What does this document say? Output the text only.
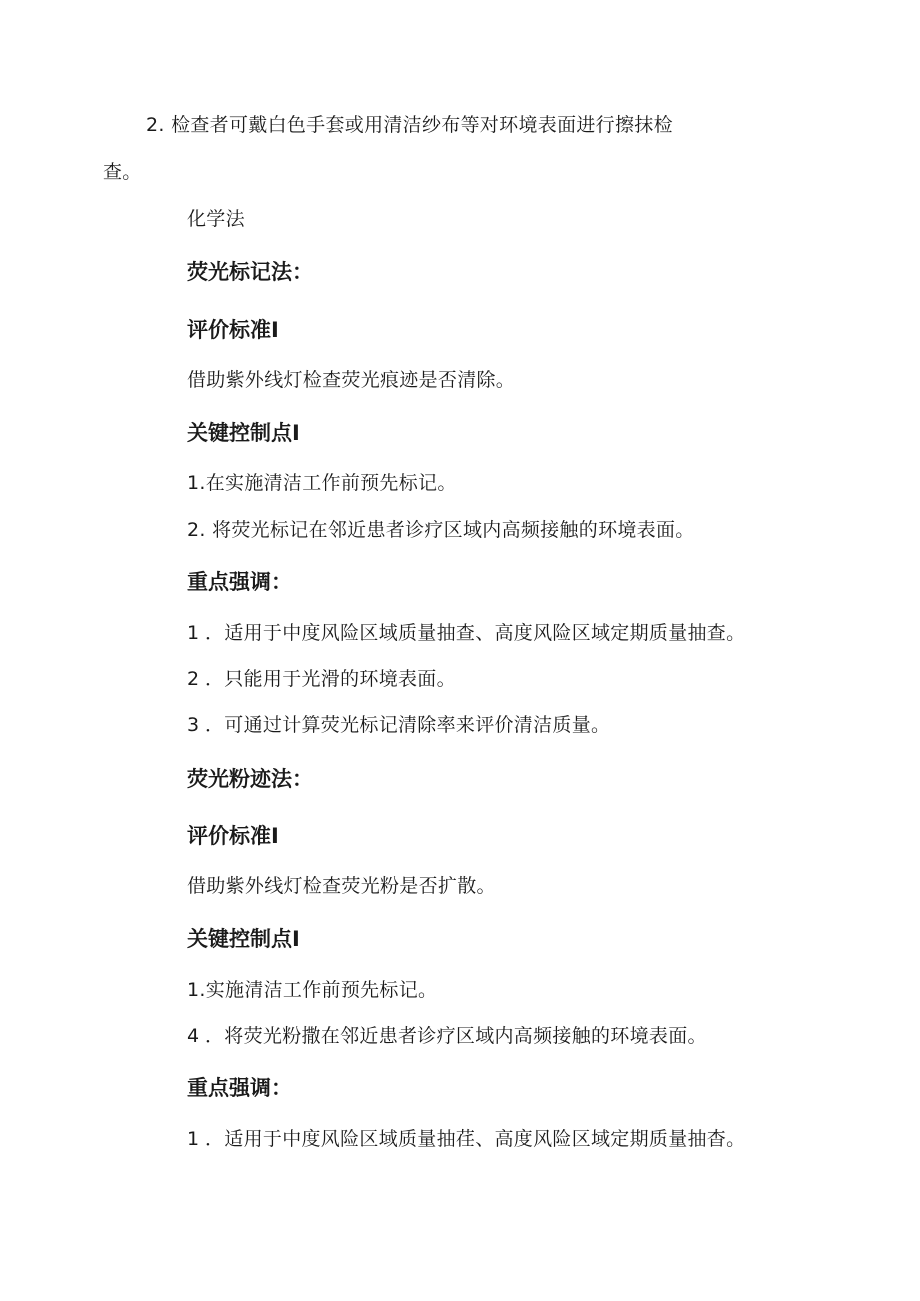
2. 检查者可戴白色手套或用清洁纱布等对环境表面进行擦抹检
查。
化学法
荧光标记法：
评价标准I
借助紫外线灯检查荧光痕迹是否清除。
关键控制点I
1.在实施清洁工作前预先标记。
2. 将荧光标记在邻近患者诊疗区域内高频接触的环境表面。
重点强调：
1 ．适用于中度风险区域质量抽查、高度风险区域定期质量抽查。
2 ．只能用于光滑的环境表面。
3 ．可通过计算荧光标记清除率来评价清洁质量。
荧光粉迹法：
评价标准I
借助紫外线灯检查荧光粉是否扩散。
关键控制点I
1.实施清洁工作前预先标记。
4 ．将荧光粉撒在邻近患者诊疗区域内高频接触的环境表面。
重点强调：
1 ．适用于中度风险区域质量抽荏、高度风险区域定期质量抽杳。
